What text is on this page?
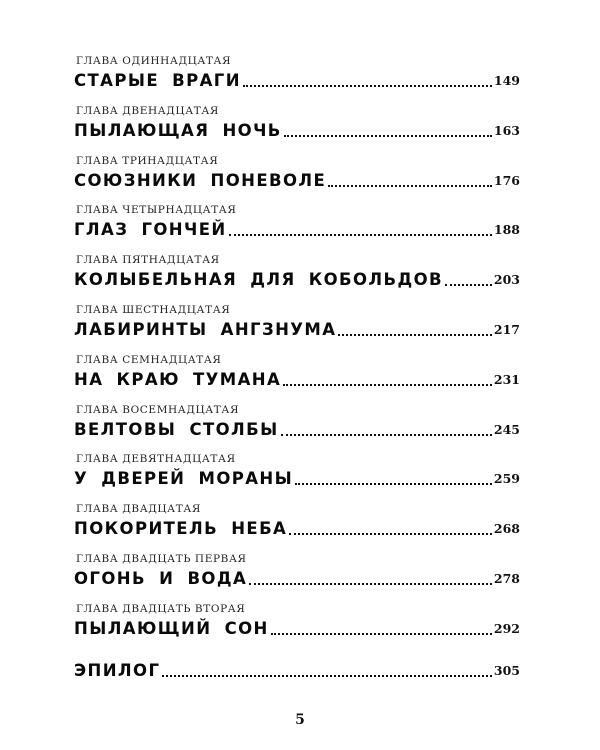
ГЛАВА ОДИННАДЦАТАЯ
СТАРЫЕ ВРАГИ	149
ГЛАВА ДВЕНАДЦАТАЯ
ПЫЛАЮЩАЯ НОЧЬ	163
ГЛАВА ТРИНАДЦАТАЯ
СОЮЗНИКИ ПОНЕВОЛЕ	176
ГЛАВА ЧЕТЫРНАДЦАТАЯ
ГЛАЗ ГОНЧЕЙ	188
ГЛАВА ПЯТНАДЦАТАЯ
КОЛЫБЕЛЬНАЯ ДЛЯ КОБОЛЬДОВ	203
ГЛАВА ШЕСТНАДЦАТАЯ
ЛАБИРИНТЫ АНГЗНУМА	217
ГЛАВА СЕМНАДЦАТАЯ
НА КРАЮ ТУМАНА	231
ГЛАВА ВОСЕМНАДЦАТАЯ
ВЕЛТОВЫ СТОЛБЫ	245
ГЛАВА ДЕВЯТНАДЦАТАЯ
У ДВЕРЕЙ МОРАНЫ	259
ГЛАВА ДВАДЦАТАЯ
ПОКОРИТЕЛЬ НЕБА	268
ГЛАВА ДВАДЦАТЬ ПЕРВАЯ
ОГОНЬ И ВОДА	278
ГЛАВА ДВАДЦАТЬ ВТОРАЯ
ПЫЛАЮЩИЙ СОН	292
ЭПИЛОГ	305
5
